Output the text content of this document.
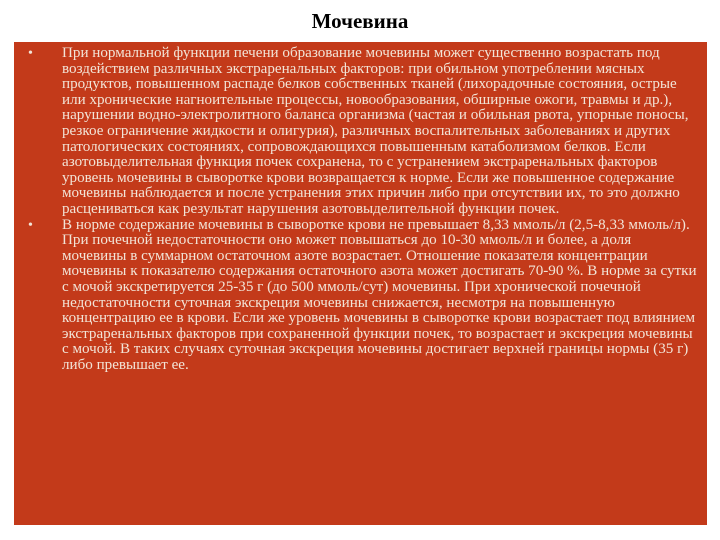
Мочевина
• При нормальной функции печени образование мочевины может существенно возрастать под воздействием различных экстраренальных факторов: при обильном употреблении мясных продуктов, повышенном распаде белков собственных тканей (лихорадочные состояния, острые или хронические нагноительные процессы, новообразования, обширные ожоги, травмы и др.), нарушении водно-электролитного баланса организма (частая и обильная рвота, упорные поносы, резкое ограничение жидкости и олигурия), различных воспалительных заболеваниях и других патологических состояниях, сопровождающихся повышенным катаболизмом белков. Если азотовыделительная функция почек сохранена, то с устранением экстраренальных факторов уровень мочевины в сыворотке крови возвращается к норме. Если же повышенное содержание мочевины наблюдается и после устранения этих причин либо при отсутствии их, то это должно расцениваться как результат нарушения азотовыделительной функции почек.
• В норме содержание мочевины в сыворотке крови не превышает 8,33 ммоль/л (2,5-8,33 ммоль/л). При почечной недостаточности оно может повышаться до 10-30 ммоль/л и более, а доля мочевины в суммарном остаточном азоте возрастает. Отношение показателя концентрации мочевины к показателю содержания остаточного азота может достигать 70-90 %. В норме за сутки с мочой экскретируется 25-35 г (до 500 ммоль/сут) мочевины. При хронической почечной недостаточности суточная экскреция мочевины снижается, несмотря на повышенную концентрацию ее в крови. Если же уровень мочевины в сыворотке крови возрастает под влиянием экстраренальных факторов при сохраненной функции почек, то возрастает и экскреция мочевины с мочой. В таких случаях суточная экскреция мочевины достигает верхней границы нормы (35 г) либо превышает ее.
